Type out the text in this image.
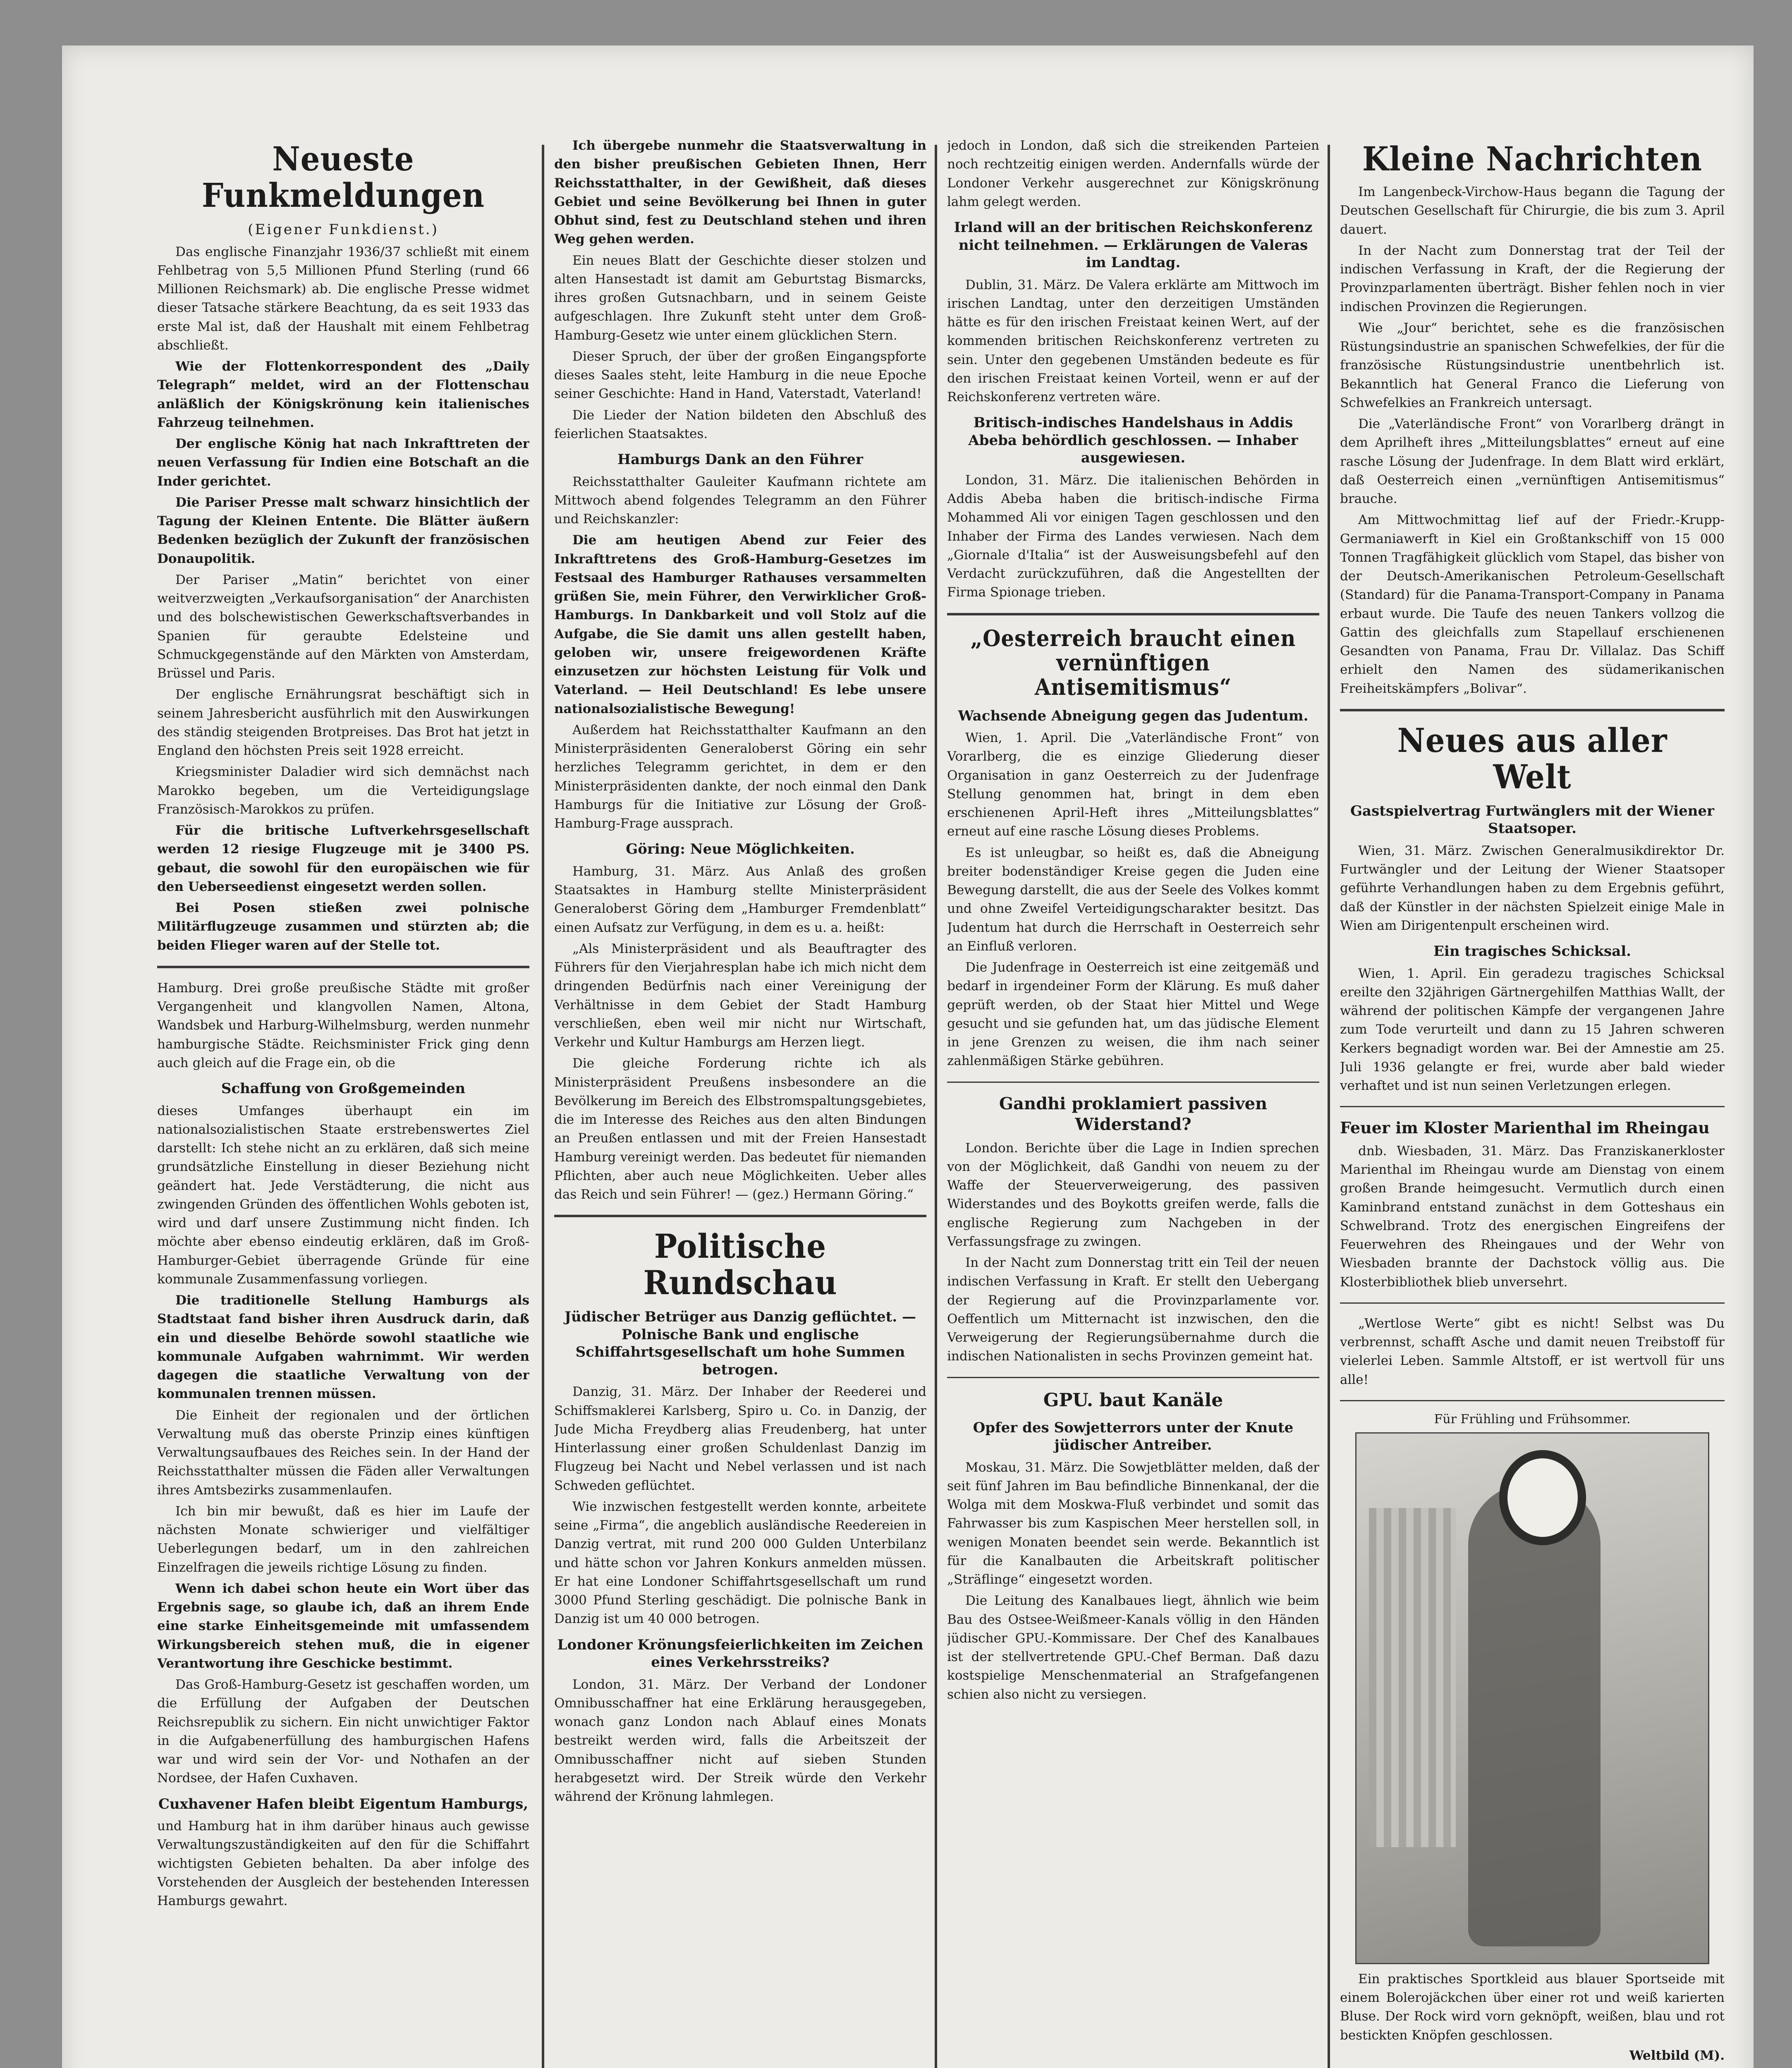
Neueste Funkmeldungen
(Eigener Funkdienst.)
Das englische Finanzjahr 1936/37 schließt mit einem Fehlbetrag von 5,5 Millionen Pfund Sterling (rund 66 Millionen Reichsmark) ab. Die englische Presse widmet dieser Tatsache stärkere Beachtung, da es seit 1933 das erste Mal ist, daß der Haushalt mit einem Fehlbetrag abschließt.
Wie der Flottenkorrespondent des „Daily Telegraph“ meldet, wird an der Flottenschau anläßlich der Königskrönung kein italienisches Fahrzeug teilnehmen.
Der englische König hat nach Inkrafttreten der neuen Verfassung für Indien eine Botschaft an die Inder gerichtet.
Die Pariser Presse malt schwarz hinsichtlich der Tagung der Kleinen Entente. Die Blätter äußern Bedenken bezüglich der Zukunft der französischen Donaupolitik.
Der Pariser „Matin“ berichtet von einer weitverzweigten „Verkaufsorganisation“ der Anarchisten und des bolschewistischen Gewerkschaftsverbandes in Spanien für geraubte Edelsteine und Schmuckgegenstände auf den Märkten von Amsterdam, Brüssel und Paris.
Der englische Ernährungsrat beschäftigt sich in seinem Jahresbericht ausführlich mit den Auswirkungen des ständig steigenden Brotpreises. Das Brot hat jetzt in England den höchsten Preis seit 1928 erreicht.
Kriegsminister Daladier wird sich demnächst nach Marokko begeben, um die Verteidigungslage Französisch-Marokkos zu prüfen.
Für die britische Luftverkehrsgesellschaft werden 12 riesige Flugzeuge mit je 3400 PS. gebaut, die sowohl für den europäischen wie für den Ueberseedienst eingesetzt werden sollen.
Bei Posen stießen zwei polnische Militärflugzeuge zusammen und stürzten ab; die beiden Flieger waren auf der Stelle tot.
Hamburg. Drei große preußische Städte mit großer Vergangenheit und klangvollen Namen, Altona, Wandsbek und Harburg-Wilhelmsburg, werden nunmehr hamburgische Städte. Reichsminister Frick ging denn auch gleich auf die Frage ein, ob die
Schaffung von Großgemeinden
dieses Umfanges überhaupt ein im nationalsozialistischen Staate erstrebenswertes Ziel darstellt: Ich stehe nicht an zu erklären, daß sich meine grundsätzliche Einstellung in dieser Beziehung nicht geändert hat. Jede Verstädterung, die nicht aus zwingenden Gründen des öffentlichen Wohls geboten ist, wird und darf unsere Zustimmung nicht finden. Ich möchte aber ebenso eindeutig erklären, daß im Groß-Hamburger-Gebiet überragende Gründe für eine kommunale Zusammenfassung vorliegen.
Die traditionelle Stellung Hamburgs als Stadtstaat fand bisher ihren Ausdruck darin, daß ein und dieselbe Behörde sowohl staatliche wie kommunale Aufgaben wahrnimmt. Wir werden dagegen die staatliche Verwaltung von der kommunalen trennen müssen.
Die Einheit der regionalen und der örtlichen Verwaltung muß das oberste Prinzip eines künftigen Verwaltungsaufbaues des Reiches sein. In der Hand der Reichsstatthalter müssen die Fäden aller Verwaltungen ihres Amtsbezirks zusammenlaufen.
Ich bin mir bewußt, daß es hier im Laufe der nächsten Monate schwieriger und vielfältiger Ueberlegungen bedarf, um in den zahlreichen Einzelfragen die jeweils richtige Lösung zu finden.
Wenn ich dabei schon heute ein Wort über das Ergebnis sage, so glaube ich, daß an ihrem Ende eine starke Einheitsgemeinde mit umfassendem Wirkungsbereich stehen muß, die in eigener Verantwortung ihre Geschicke bestimmt.
Das Groß-Hamburg-Gesetz ist geschaffen worden, um die Erfüllung der Aufgaben der Deutschen Reichsrepublik zu sichern. Ein nicht unwichtiger Faktor in die Aufgabenerfüllung des hamburgischen Hafens war und wird sein der Vor- und Nothafen an der Nordsee, der Hafen Cuxhaven.
Cuxhavener Hafen bleibt Eigentum Hamburgs,
und Hamburg hat in ihm darüber hinaus auch gewisse Verwaltungszuständigkeiten auf den für die Schiffahrt wichtigsten Gebieten behalten. Da aber infolge des Vorstehenden der Ausgleich der bestehenden Interessen Hamburgs gewahrt.
Ich übergebe nunmehr die Staatsverwaltung in den bisher preußischen Gebieten Ihnen, Herr Reichsstatthalter, in der Gewißheit, daß dieses Gebiet und seine Bevölkerung bei Ihnen in guter Obhut sind, fest zu Deutschland stehen und ihren Weg gehen werden.
Ein neues Blatt der Geschichte dieser stolzen und alten Hansestadt ist damit am Geburtstag Bismarcks, ihres großen Gutsnachbarn, und in seinem Geiste aufgeschlagen. Ihre Zukunft steht unter dem Groß-Hamburg-Gesetz wie unter einem glücklichen Stern.
Dieser Spruch, der über der großen Eingangspforte dieses Saales steht, leite Hamburg in die neue Epoche seiner Geschichte: Hand in Hand, Vaterstadt, Vaterland!
Die Lieder der Nation bildeten den Abschluß des feierlichen Staatsaktes.
Hamburgs Dank an den Führer
Reichsstatthalter Gauleiter Kaufmann richtete am Mittwoch abend folgendes Telegramm an den Führer und Reichskanzler:
Die am heutigen Abend zur Feier des Inkrafttretens des Groß-Hamburg-Gesetzes im Festsaal des Hamburger Rathauses versammelten grüßen Sie, mein Führer, den Verwirklicher Groß-Hamburgs. In Dankbarkeit und voll Stolz auf die Aufgabe, die Sie damit uns allen gestellt haben, geloben wir, unsere freigewordenen Kräfte einzusetzen zur höchsten Leistung für Volk und Vaterland. — Heil Deutschland! Es lebe unsere nationalsozialistische Bewegung!
Außerdem hat Reichsstatthalter Kaufmann an den Ministerpräsidenten Generaloberst Göring ein sehr herzliches Telegramm gerichtet, in dem er den Ministerpräsidenten dankte, der noch einmal den Dank Hamburgs für die Initiative zur Lösung der Groß-Hamburg-Frage aussprach.
Göring: Neue Möglichkeiten.
Hamburg, 31. März. Aus Anlaß des großen Staatsaktes in Hamburg stellte Ministerpräsident Generaloberst Göring dem „Hamburger Fremdenblatt“ einen Aufsatz zur Verfügung, in dem es u. a. heißt:
„Als Ministerpräsident und als Beauftragter des Führers für den Vierjahresplan habe ich mich nicht dem dringenden Bedürfnis nach einer Vereinigung der Verhältnisse in dem Gebiet der Stadt Hamburg verschließen, eben weil mir nicht nur Wirtschaft, Verkehr und Kultur Hamburgs am Herzen liegt.
Die gleiche Forderung richte ich als Ministerpräsident Preußens insbesondere an die Bevölkerung im Bereich des Elbstromspaltungsgebietes, die im Interesse des Reiches aus den alten Bindungen an Preußen entlassen und mit der Freien Hansestadt Hamburg vereinigt werden. Das bedeutet für niemanden Pflichten, aber auch neue Möglichkeiten. Ueber alles das Reich und sein Führer! — (gez.) Hermann Göring.“
Politische Rundschau
Jüdischer Betrüger aus Danzig geflüchtet. — Polnische Bank und englische Schiffahrtsgesellschaft um hohe Summen betrogen.
Danzig, 31. März. Der Inhaber der Reederei und Schiffsmaklerei Karlsberg, Spiro u. Co. in Danzig, der Jude Micha Freydberg alias Freudenberg, hat unter Hinterlassung einer großen Schuldenlast Danzig im Flugzeug bei Nacht und Nebel verlassen und ist nach Schweden geflüchtet.
Wie inzwischen festgestellt werden konnte, arbeitete seine „Firma“, die angeblich ausländische Reedereien in Danzig vertrat, mit rund 200 000 Gulden Unterbilanz und hätte schon vor Jahren Konkurs anmelden müssen. Er hat eine Londoner Schiffahrtsgesellschaft um rund 3000 Pfund Sterling geschädigt. Die polnische Bank in Danzig ist um 40 000 betrogen.
Londoner Krönungsfeierlichkeiten im Zeichen eines Verkehrsstreiks?
London, 31. März. Der Verband der Londoner Omnibusschaffner hat eine Erklärung herausgegeben, wonach ganz London nach Ablauf eines Monats bestreikt werden wird, falls die Arbeitszeit der Omnibusschaffner nicht auf sieben Stunden herabgesetzt wird. Der Streik würde den Verkehr während der Krönung lahmlegen.
jedoch in London, daß sich die streikenden Parteien noch rechtzeitig einigen werden. Andernfalls würde der Londoner Verkehr ausgerechnet zur Königskrönung lahm gelegt werden.
Irland will an der britischen Reichskonferenz nicht teilnehmen. — Erklärungen de Valeras im Landtag.
Dublin, 31. März. De Valera erklärte am Mittwoch im irischen Landtag, unter den derzeitigen Umständen hätte es für den irischen Freistaat keinen Wert, auf der kommenden britischen Reichskonferenz vertreten zu sein. Unter den gegebenen Umständen bedeute es für den irischen Freistaat keinen Vorteil, wenn er auf der Reichskonferenz vertreten wäre.
Britisch-indisches Handelshaus in Addis Abeba behördlich geschlossen. — Inhaber ausgewiesen.
London, 31. März. Die italienischen Behörden in Addis Abeba haben die britisch-indische Firma Mohammed Ali vor einigen Tagen geschlossen und den Inhaber der Firma des Landes verwiesen. Nach dem „Giornale d'Italia“ ist der Ausweisungsbefehl auf den Verdacht zurückzuführen, daß die Angestellten der Firma Spionage trieben.
„Oesterreich braucht einen vernünftigen Antisemitismus“
Wachsende Abneigung gegen das Judentum.
Wien, 1. April. Die „Vaterländische Front“ von Vorarlberg, die es einzige Gliederung dieser Organisation in ganz Oesterreich zu der Judenfrage Stellung genommen hat, bringt in dem eben erschienenen April-Heft ihres „Mitteilungsblattes“ erneut auf eine rasche Lösung dieses Problems.
Es ist unleugbar, so heißt es, daß die Abneigung breiter bodenständiger Kreise gegen die Juden eine Bewegung darstellt, die aus der Seele des Volkes kommt und ohne Zweifel Verteidigungscharakter besitzt. Das Judentum hat durch die Herrschaft in Oesterreich sehr an Einfluß verloren.
Die Judenfrage in Oesterreich ist eine zeitgemäß und bedarf in irgendeiner Form der Klärung. Es muß daher geprüft werden, ob der Staat hier Mittel und Wege gesucht und sie gefunden hat, um das jüdische Element in jene Grenzen zu weisen, die ihm nach seiner zahlenmäßigen Stärke gebühren.
Gandhi proklamiert passiven Widerstand?
London. Berichte über die Lage in Indien sprechen von der Möglichkeit, daß Gandhi von neuem zu der Waffe der Steuerverweigerung, des passiven Widerstandes und des Boykotts greifen werde, falls die englische Regierung zum Nachgeben in der Verfassungsfrage zu zwingen.
In der Nacht zum Donnerstag tritt ein Teil der neuen indischen Verfassung in Kraft. Er stellt den Uebergang der Regierung auf die Provinzparlamente vor. Oeffentlich um Mitternacht ist inzwischen, den die Verweigerung der Regierungsübernahme durch die indischen Nationalisten in sechs Provinzen gemeint hat.
GPU. baut Kanäle
Opfer des Sowjetterrors unter der Knute jüdischer Antreiber.
Moskau, 31. März. Die Sowjetblätter melden, daß der seit fünf Jahren im Bau befindliche Binnenkanal, der die Wolga mit dem Moskwa-Fluß verbindet und somit das Fahrwasser bis zum Kaspischen Meer herstellen soll, in wenigen Monaten beendet sein werde. Bekanntlich ist für die Kanalbauten die Arbeitskraft politischer „Sträflinge“ eingesetzt worden.
Die Leitung des Kanalbaues liegt, ähnlich wie beim Bau des Ostsee-Weißmeer-Kanals völlig in den Händen jüdischer GPU.-Kommissare. Der Chef des Kanalbaues ist der stellvertretende GPU.-Chef Berman. Daß dazu kostspielige Menschenmaterial an Strafgefangenen schien also nicht zu versiegen.
Kleine Nachrichten
Im Langenbeck-Virchow-Haus begann die Tagung der Deutschen Gesellschaft für Chirurgie, die bis zum 3. April dauert.
In der Nacht zum Donnerstag trat der Teil der indischen Verfassung in Kraft, der die Regierung der Provinzparlamenten überträgt. Bisher fehlen noch in vier indischen Provinzen die Regierungen.
Wie „Jour“ berichtet, sehe es die französischen Rüstungsindustrie an spanischen Schwefelkies, der für die französische Rüstungsindustrie unentbehrlich ist. Bekanntlich hat General Franco die Lieferung von Schwefelkies an Frankreich untersagt.
Die „Vaterländische Front“ von Vorarlberg drängt in dem Aprilheft ihres „Mitteilungsblattes“ erneut auf eine rasche Lösung der Judenfrage. In dem Blatt wird erklärt, daß Oesterreich einen „vernünftigen Antisemitismus“ brauche.
Am Mittwochmittag lief auf der Friedr.-Krupp-Germaniawerft in Kiel ein Großtankschiff von 15 000 Tonnen Tragfähigkeit glücklich vom Stapel, das bisher von der Deutsch-Amerikanischen Petroleum-Gesellschaft (Standard) für die Panama-Transport-Company in Panama erbaut wurde. Die Taufe des neuen Tankers vollzog die Gattin des gleichfalls zum Stapellauf erschienenen Gesandten von Panama, Frau Dr. Villalaz. Das Schiff erhielt den Namen des südamerikanischen Freiheitskämpfers „Bolivar“.
Neues aus aller Welt
Gastspielvertrag Furtwänglers mit der Wiener Staatsoper.
Wien, 31. März. Zwischen Generalmusikdirektor Dr. Furtwängler und der Leitung der Wiener Staatsoper geführte Verhandlungen haben zu dem Ergebnis geführt, daß der Künstler in der nächsten Spielzeit einige Male in Wien am Dirigentenpult erscheinen wird.
Ein tragisches Schicksal.
Wien, 1. April. Ein geradezu tragisches Schicksal ereilte den 32jährigen Gärtnergehilfen Matthias Wallt, der während der politischen Kämpfe der vergangenen Jahre zum Tode verurteilt und dann zu 15 Jahren schweren Kerkers begnadigt worden war. Bei der Amnestie am 25. Juli 1936 gelangte er frei, wurde aber bald wieder verhaftet und ist nun seinen Verletzungen erlegen.
Feuer im Kloster Marienthal im Rheingau
dnb. Wiesbaden, 31. März. Das Franziskanerkloster Marienthal im Rheingau wurde am Dienstag von einem großen Brande heimgesucht. Vermutlich durch einen Kaminbrand entstand zunächst in dem Gotteshaus ein Schwelbrand. Trotz des energischen Eingreifens der Feuerwehren des Rheingaues und der Wehr von Wiesbaden brannte der Dachstock völlig aus. Die Klosterbibliothek blieb unversehrt.
„Wertlose Werte“ gibt es nicht! Selbst was Du verbrennst, schafft Asche und damit neuen Treibstoff für vielerlei Leben. Sammle Altstoff, er ist wertvoll für uns alle!
Für Frühling und Frühsommer.
Ein praktisches Sportkleid aus blauer Sportseide mit einem Bolerojäckchen über einer rot und weiß karierten Bluse. Der Rock wird vorn geknöpft, weißen, blau und rot bestickten Knöpfen geschlossen.
Weltbild (M).
